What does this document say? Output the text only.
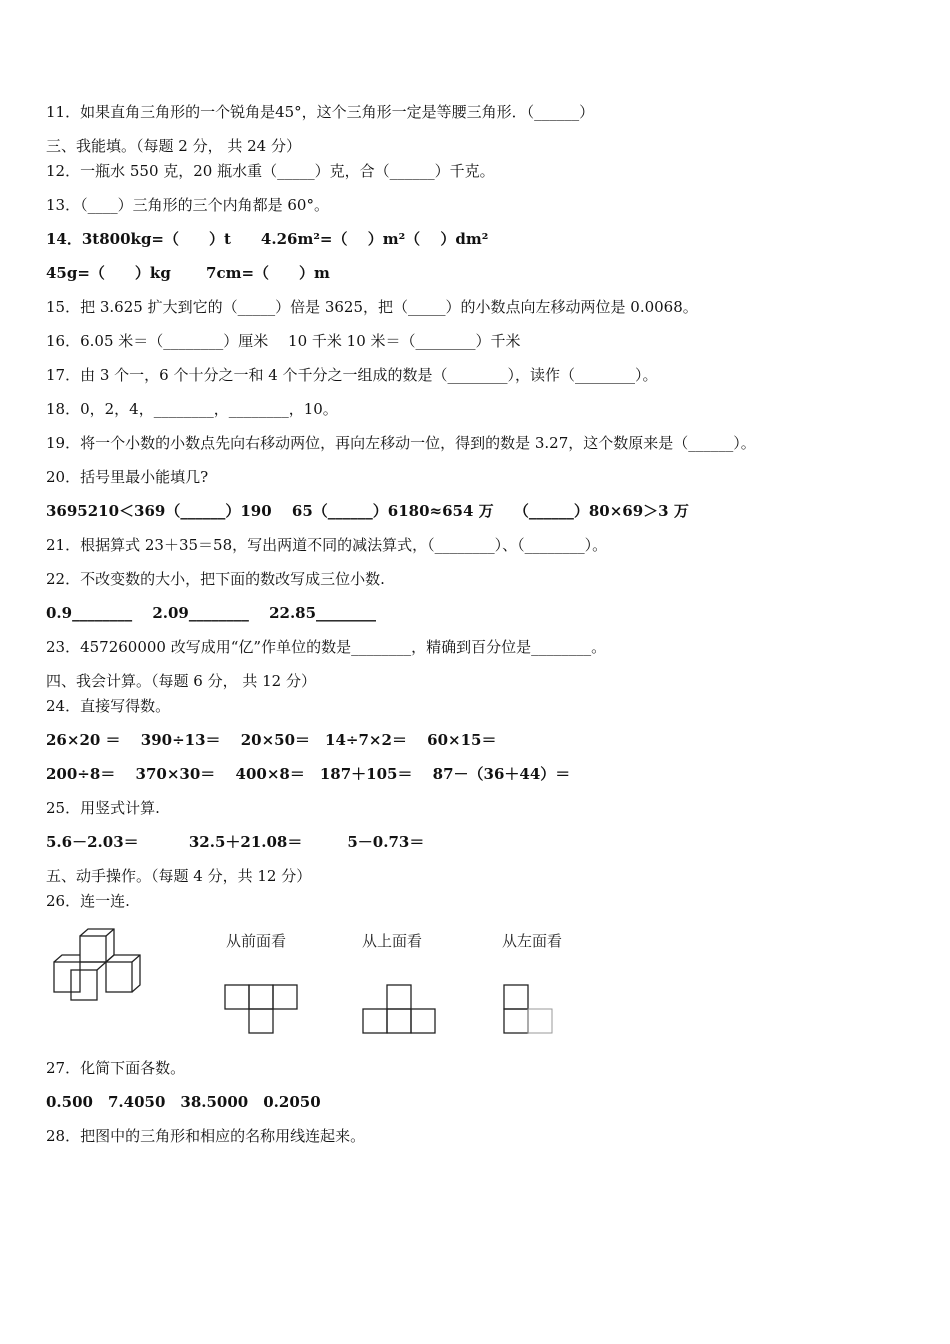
11．如果直角三角形的一个锐角是45°，这个三角形一定是等腰三角形．（______）
三、我能填。（每题 2 分， 共 24 分）
12．一瓶水 550 克，20 瓶水重（_____）克，合（______）千克。
13．（____）三角形的三个内角都是 60°。
14．3t800kg=（　　）t　　4.26m²=（　 ）m²（　 ）dm²
45g=（　　）kg　　 7cm=（　　）m
15．把 3.625 扩大到它的（_____）倍是 3625，把（_____）的小数点向左移动两位是 0.0068。
16．6.05 米＝（________）厘米　 10 千米 10 米＝（________）千米
17．由 3 个一，6 个十分之一和 4 个千分之一组成的数是（________），读作（________）。
18．0，2，4，________，________，10。
19．将一个小数的小数点先向右移动两位，再向左移动一位，得到的数是 3.27，这个数原来是（______）。
20．括号里最小能填几?
3695210＜369（______）190　 65（______）6180≈654 万　 （______）80×69＞3 万
21．根据算式 23＋35＝58，写出两道不同的减法算式，（________）、（________）。
22．不改变数的大小，把下面的数改写成三位小数.
0.9________　 2.09________　 22.85________
23．457260000 改写成用“亿”作单位的数是________，精确到百分位是________。
四、我会计算。（每题 6 分， 共 12 分）
24．直接写得数。
26×20 ＝　 390÷13＝　 20×50＝　14÷7×2＝　 60×15＝
200÷8＝　 370×30＝　 400×8＝　187＋105＝　 87－（36＋44）＝
25．用竖式计算.
5.6－2.03＝　　　 32.5＋21.08＝　　　5－0.73＝
五、动手操作。（每题 4 分，共 12 分）
26．连一连.
从前面看	从上面看	从左面看
27．化简下面各数。
0.500　7.4050　38.5000　0.2050
28．把图中的三角形和相应的名称用线连起来。
